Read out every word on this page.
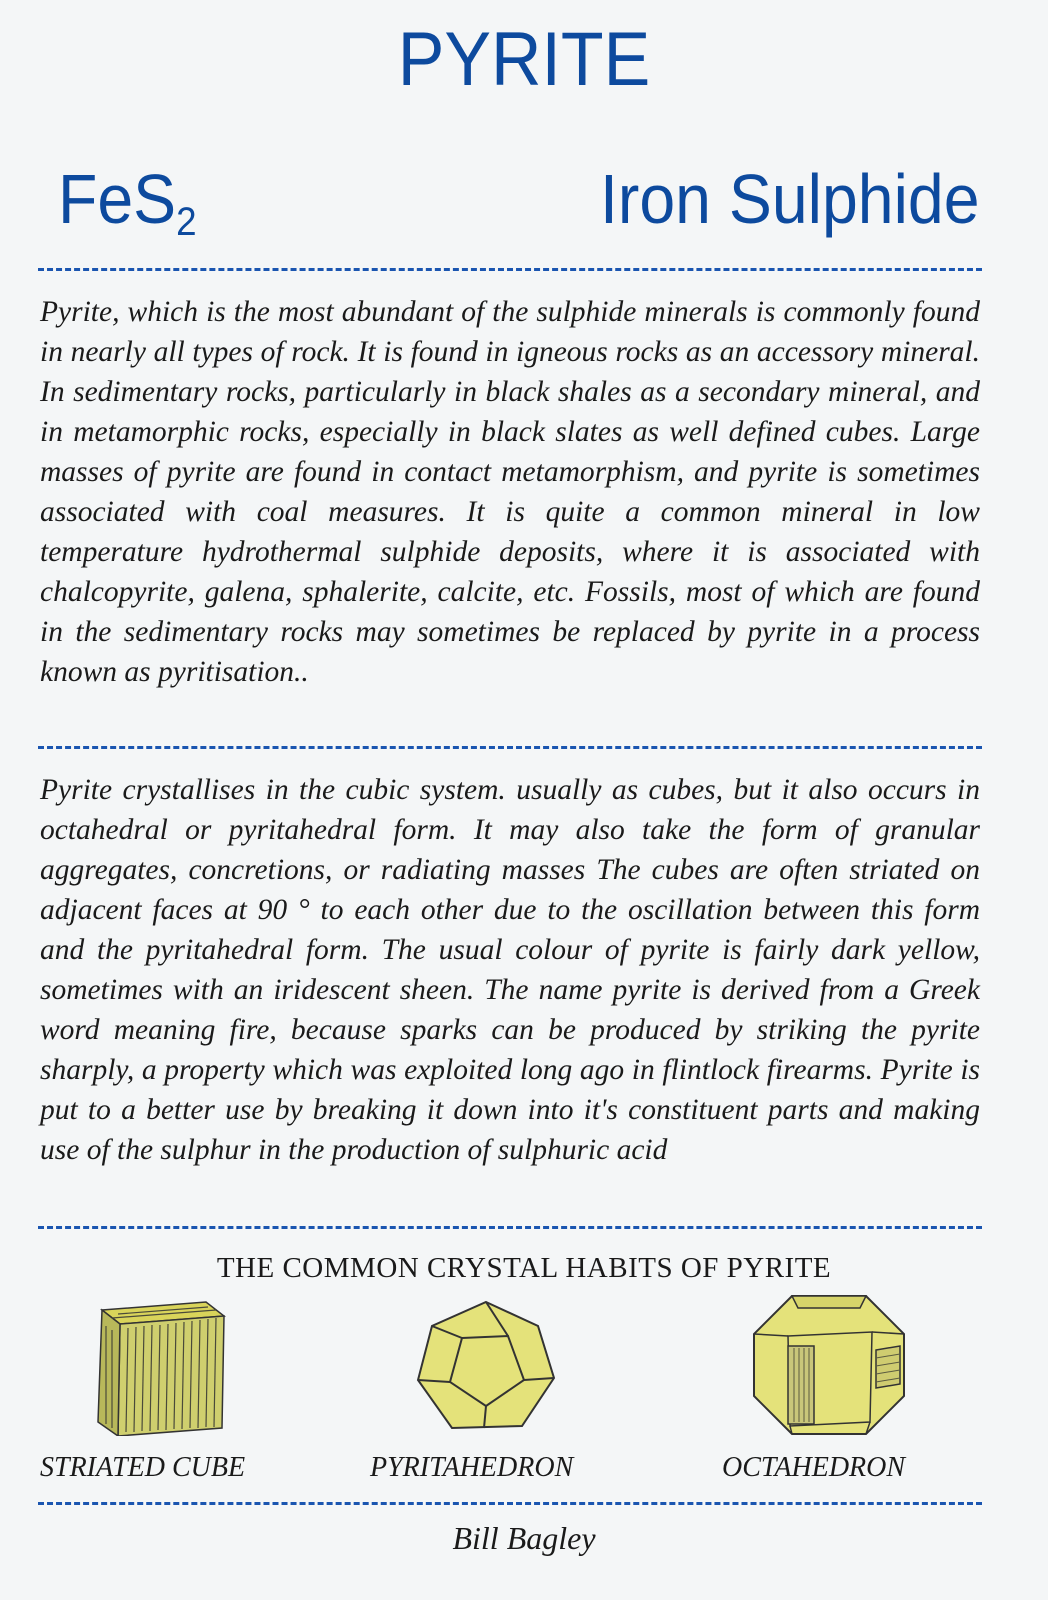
PYRITE
FeS$_2$	Iron Sulphide

Pyrite, which is the most abundant of the sulphide minerals is commonly found in nearly all types of rock. It is found in igneous rocks as an accessory mineral. In sedimentary rocks, particularly in black shales as a secondary mineral, and in metamorphic rocks, especially in black slates as well defined cubes. Large masses of pyrite are found in contact metamorphism, and pyrite is sometimes associated with coal measures. It is quite a common mineral in low temperature hydrothermal sulphide deposits, where it is associated with chalcopyrite, galena, sphalerite, calcite, etc. Fossils, most of which are found in the sedimentary rocks may sometimes be replaced by pyrite in a process known as pyritisation..

Pyrite crystallises in the cubic system. usually as cubes, but it also occurs in octahedral or pyritahedral form. It may also take the form of granular aggregates, concretions, or radiating masses The cubes are often striated on adjacent faces at 90 ° to each other due to the oscillation between this form and the pyritahedral form. The usual colour of pyrite is fairly dark yellow, sometimes with an iridescent sheen. The name pyrite is derived from a Greek word meaning fire, because sparks can be produced by striking the pyrite sharply, a property which was exploited long ago in flintlock firearms. Pyrite is put to a better use by breaking it down into it's constituent parts and making use of the sulphur in the production of sulphuric acid

THE COMMON CRYSTAL HABITS OF PYRITE
STRIATED CUBE	PYRITAHEDRON	OCTAHEDRON
Bill Bagley
